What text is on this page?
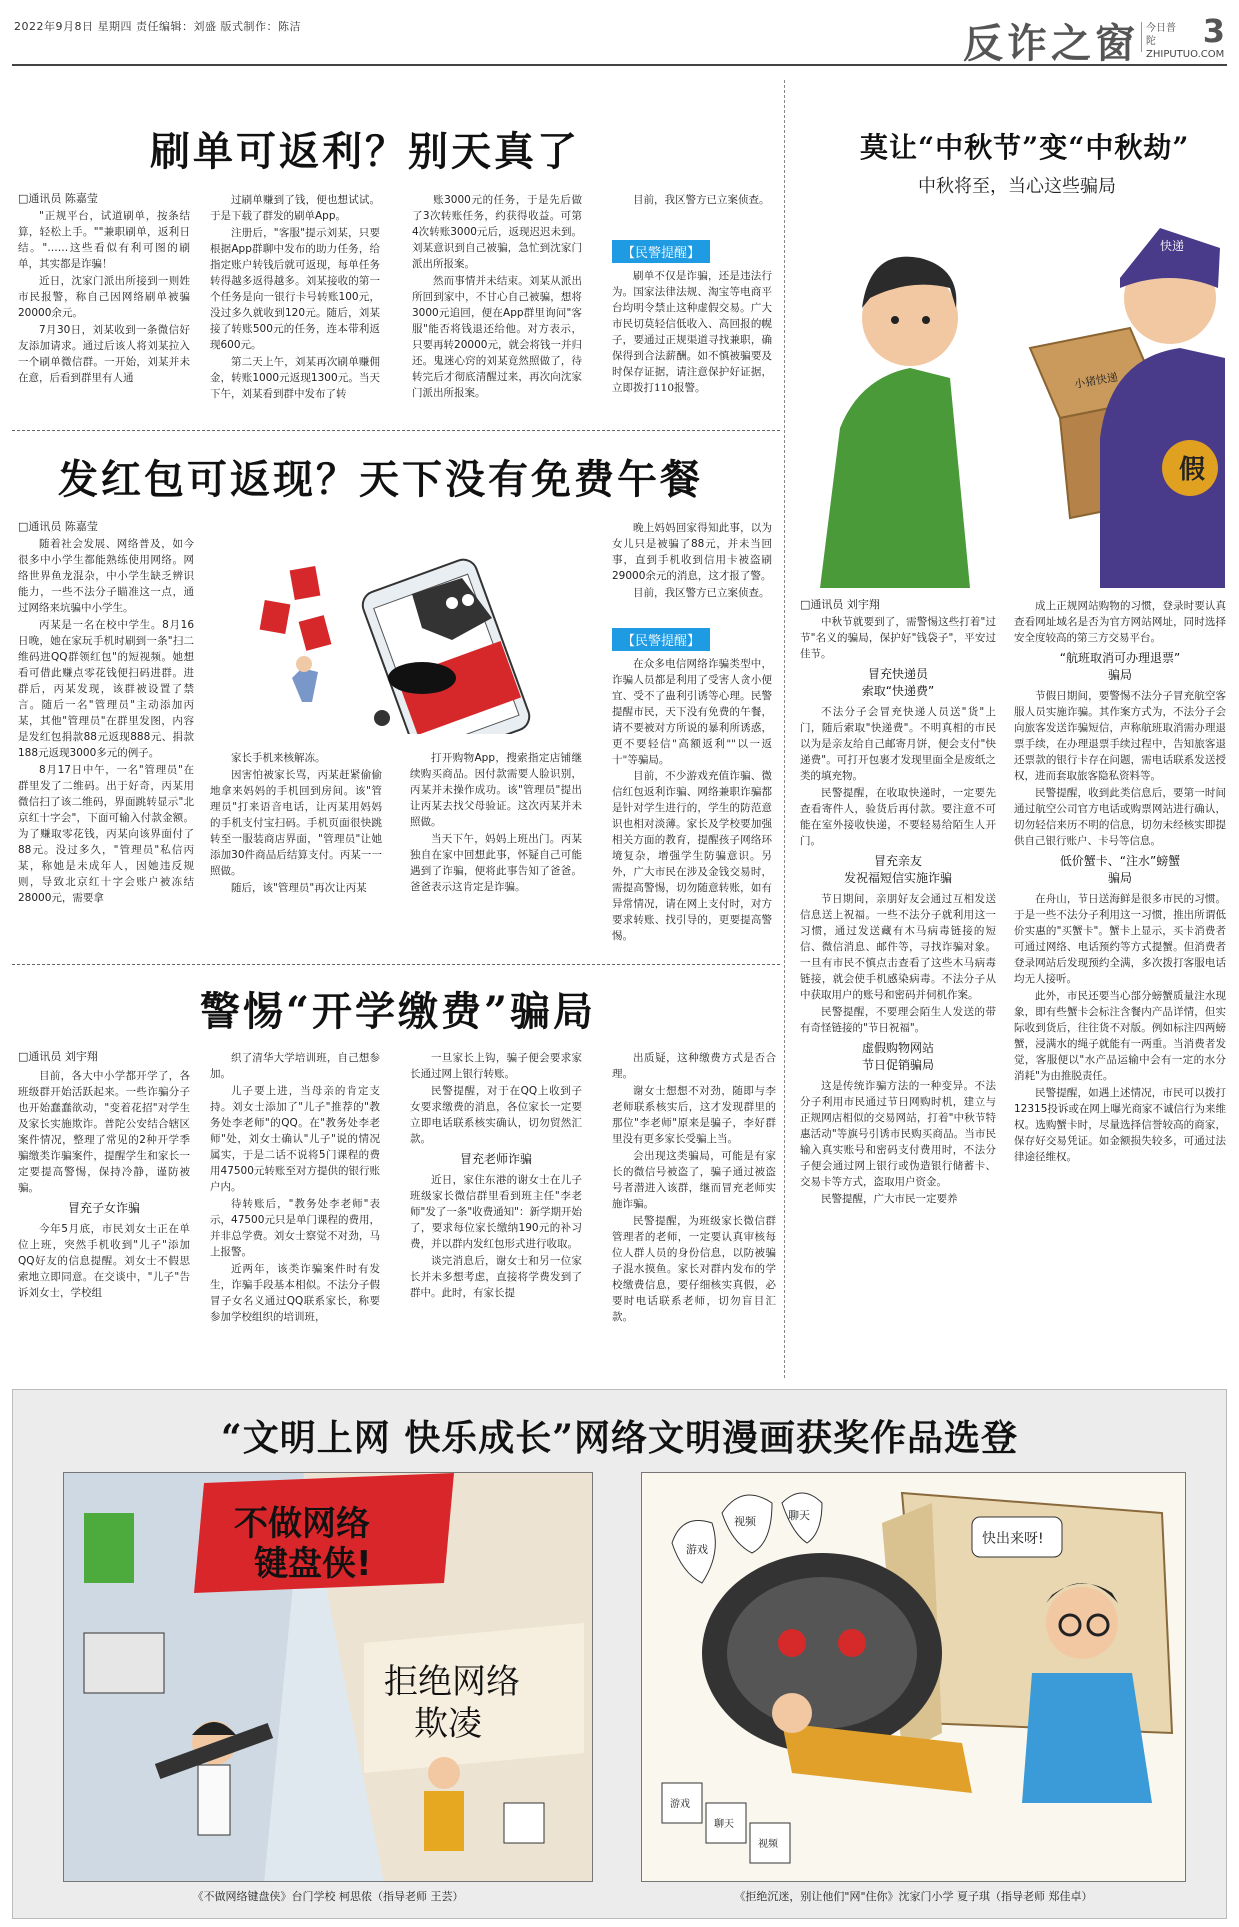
2022年9月8日 星期四 责任编辑：刘盛 版式制作：陈洁	反诈之窗 今日普陀 ZHIPUTUO.COM
3
刷单可返利？别天真了
□通讯员 陈嘉莹

"正规平台，试道刷单，按条结算，轻松上手。""兼职刷单，返利日结。"……这些看似有利可图的刷单，其实都是诈骗！

近日，沈家门派出所接到一则姓市民报警，称自己因网络刷单被骗20000余元。

7月30日，刘某收到一条微信好友添加请求。通过后该人将刘某拉入一个刷单微信群。一开始，刘某并未在意，后看到群里有人通

过刷单赚到了钱，便也想试试。于是下载了群发的刷单App。

注册后，"客服"提示刘某，只要根据App群聊中发布的助力任务，给指定账户转钱后就可返现，每单任务转得越多返得越多。刘某接收的第一个任务是向一银行卡号转账100元，没过多久就收到120元。随后，刘某接了转账500元的任务，连本带利返现600元。

第二天上午，刘某再次刷单赚佣金，转账1000元返现1300元。当天下午，刘某看到群中发布了转

账3000元的任务，于是先后做了3次转账任务，约获得收益。可第4次转账3000元后，返现迟迟未到。刘某意识到自己被骗，急忙到沈家门派出所报案。

然而事情并未结束。刘某从派出所回到家中，不甘心自己被骗，想将3000元追回，便在App群里询问"客服"能否将钱退还给他。对方表示，只要再转20000元，就会将钱一并归还。鬼迷心窍的刘某竟然照做了，待转完后才彻底清醒过来，再次向沈家门派出所报案。

目前，我区警方已立案侦查。

【民警提醒】
刷单不仅是诈骗，还是违法行为。国家法律法规、淘宝等电商平台均明令禁止这种虚假交易。广大市民切莫轻信低收入、高回报的幌子，要通过正规渠道寻找兼职，确保得到合法薪酬。如不慎被骗要及时保存证据，请注意保护好证据，立即拨打110报警。
发红包可返现？天下没有免费午餐
□通讯员 陈嘉莹

随着社会发展、网络普及，如今很多中小学生都能熟练使用网络。网络世界鱼龙混杂，中小学生缺乏辨识能力，一些不法分子瞄准这一点，通过网络来坑骗中小学生。

丙某是一名在校中学生。8月16日晚，她在家玩手机时刷到一条"扫二维码进QQ群领红包"的短视频。她想看可借此赚点零花钱便扫码进群。进群后，丙某发现，该群被设置了禁言。随后一名"管理员"主动添加丙某，其他"管理员"在群里发图，内容是发红包捐款88元返现888元、捐款188元返现3000多元的例子。

8月17日中午，一名"管理员"在群里发了二维码。出于好奇，丙某用微信扫了该二维码，界面跳转显示"北京红十字会"，下面可输入付款金额。为了赚取零花钱，丙某向该界面付了88元。没过多久，"管理员"私信丙某，称她是未成年人，因她违反规则，导致北京红十字会账户被冻结28000元，需要拿

大红包

家长手机来核解冻。

因害怕被家长骂，丙某赶紧偷偷地拿来妈妈的手机回到房间。该"管理员"打来语音电话，让丙某用妈妈的手机支付宝扫码。手机页面很快跳转至一服装商店界面，"管理员"让她添加30件商品后结算支付。丙某一一照做。

随后，该"管理员"再次让丙某

打开购物App，搜索指定店铺继续购买商品。因付款需要人脸识别，丙某并未操作成功。该"管理员"提出让丙某去找父母验证。这次丙某并未照做。

当天下午，妈妈上班出门。丙某独自在家中回想此事，怀疑自己可能遇到了诈骗，便将此事告知了爸爸。爸爸表示这肯定是诈骗。

晚上妈妈回家得知此事，以为女儿只是被骗了88元，并未当回事，直到手机收到信用卡被盗刷29000余元的消息，这才报了警。

目前，我区警方已立案侦查。

【民警提醒】

在众多电信网络诈骗类型中，诈骗人员都是利用了受害人贪小便宜、受不了蛊利引诱等心理。民警提醒市民，天下没有免费的午餐，请不要被对方所说的暴利所诱惑，更不要轻信"高额返利""以一返十"等骗局。

目前，不少游戏充值诈骗、微信红包返利诈骗、网络兼职诈骗都是针对学生进行的，学生的防范意识也相对淡薄。家长及学校要加强相关方面的教育，提醒孩子网络环境复杂，增强学生防骗意识。另外，广大市民在涉及金钱交易时，需提高警惕，切勿随意转账，如有异常情况，请在网上支付时，对方要求转账、找引导的，更要提高警惕。

警惕“开学缴费”骗局
□通讯员 刘宇翔

目前，各大中小学都开学了，各班级群开始活跃起来。一些诈骗分子也开始蠢蠢欲动，"变着花招"对学生及家长实施欺诈。普陀公安结合辖区案件情况，整理了常见的2种开学季骗缴类诈骗案件，提醒学生和家长一定要提高警惕，保持冷静，谨防被骗。

冒充子女诈骗

今年5月底，市民刘女士正在单位上班，突然手机收到"儿子"添加QQ好友的信息提醒。刘女士不假思索地立即同意。在交谈中，"儿子"告诉刘女士，学校组

织了清华大学培训班，自己想参加。

儿子要上进，当母亲的肯定支持。刘女士添加了"儿子"推荐的"教务处李老师"的QQ。在"教务处李老师"处，刘女士确认"儿子"说的情况属实，于是二话不说将5门课程的费用47500元转账至对方提供的银行账户内。

待转账后，"教务处李老师"表示，47500元只是单门课程的费用，并非总学费。刘女士察觉不对劲，马上报警。

近两年，该类诈骗案件时有发生，诈骗手段基本相似。不法分子假冒子女名义通过QQ联系家长，称要参加学校组织的培训班，

一旦家长上钩，骗子便会要求家长通过网上银行转账。

民警提醒，对于在QQ上收到子女要求缴费的消息，各位家长一定要立即电话联系核实确认，切勿贸然汇款。

冒充老师诈骗

近日，家住东港的谢女士在儿子班级家长微信群里看到班主任"李老师"发了一条"收费通知"：新学期开始了，要求每位家长缴纳190元的补习费，并以群内发红包形式进行收取。

谈完消息后，谢女士和另一位家长并未多想考虑，直接将学费发到了群中。此时，有家长提

出质疑，这种缴费方式是否合理。

谢女士想想不对劲，随即与李老师联系核实后，这才发现群里的那位"李老师"原来是骗子，李好群里没有更多家长受骗上当。

会出现这类骗局，可能是有家长的微信号被盗了，骗子通过被盗号者潜进入该群，继而冒充老师实施诈骗。

民警提醒，为班级家长微信群管理者的老师，一定要认真审核每位人群人员的身份信息，以防被骗子混水摸鱼。家长对群内发布的学校缴费信息，要仔细核实真假，必要时电话联系老师，切勿盲目汇款。

莫让“中秋节”变“中秋劫”
中秋将至，当心这些骗局
假
快递
小猪快递
□通讯员 刘宇翔

中秋节就要到了，需警惕这些打着"过节"名义的骗局，保护好"钱袋子"，平安过佳节。

冒充快递员
索取“快递费”

不法分子会冒充快递人员送"货"上门，随后索取"快递费"。不明真相的市民以为是亲友给自己邮寄月饼，便会支付"快递费"。可打开包裹才发现里面全是废纸之类的填充物。

民警提醒，在收取快递时，一定要先查看寄件人，验货后再付款。要注意不可能在室外接收快递，不要轻易给陌生人开门。

冒充亲友
发祝福短信实施诈骗

节日期间，亲朋好友会通过互相发送信息送上祝福。一些不法分子就利用这一习惯，通过发送藏有木马病毒链接的短信、微信消息、邮件等，寻找诈骗对象。一旦有市民不慎点击查看了这些木马病毒链接，就会使手机感染病毒。不法分子从中获取用户的账号和密码并伺机作案。

民警提醒，不要理会陌生人发送的带有奇怪链接的"节日祝福"。

虚假购物网站
节日促销骗局

这是传统诈骗方法的一种变异。不法分子利用市民通过节日网购时机，建立与正规网店相似的交易网站，打着"中秋节特惠活动"等旗号引诱市民购买商品。当市民输入真实账号和密码支付费用时，不法分子便会通过网上银行或伪造银行储蓄卡、交易卡等方式，盗取用户资金。

民警提醒，广大市民一定要养

成上正规网站购物的习惯，登录时要认真查看网址域名是否为官方网站网址，同时选择安全度较高的第三方交易平台。

“航班取消可办理退票”
骗局

节假日期间，要警惕不法分子冒充航空客服人员实施诈骗。其作案方式为，不法分子会向旅客发送诈骗短信，声称航班取消需办理退票手续，在办理退票手续过程中，告知旅客退还票款的银行卡存在问题，需电话联系发送授权，进而套取旅客隐私资料等。

民警提醒，收到此类信息后，要第一时间通过航空公司官方电话或购票网站进行确认，切勿轻信来历不明的信息，切勿未经核实即提供自己银行账户、卡号等信息。

低价蟹卡、“注水”螃蟹
骗局

在舟山，节日送海鲜是很多市民的习惯。于是一些不法分子利用这一习惯，推出所谓低价实惠的"买蟹卡"。蟹卡上显示，买卡消费者可通过网络、电话预约等方式提蟹。但消费者登录网站后发现预约全满，多次拨打客服电话均无人接听。

此外，市民还要当心部分螃蟹质量注水现象，即有些蟹卡会标注含餐内产品详情，但实际收到货后，往往货不对版。例如标注四两螃蟹，浸满水的绳子就能有一两重。当消费者发觉，客服便以"水产品运输中会有一定的水分消耗"为由推脱责任。

民警提醒，如遇上述情况，市民可以拨打12315投诉或在网上曝光商家不诚信行为来维权。选购蟹卡时，尽量选择信誉较高的商家，保存好交易凭证。如金额损失较多，可通过法律途径维权。

“文明上网 快乐成长”网络文明漫画获奖作品选登
不做网络 键盘侠!
拒绝网络 欺凌
《不做网络键盘侠》台门学校 柯思侬（指导老师 王芸）
游戏
视频	聊天
快出来呀!
游戏
聊天
视频
《拒绝沉迷，别让他们"网"住你》沈家门小学 夏子琪（指导老师 郑佳卓）
